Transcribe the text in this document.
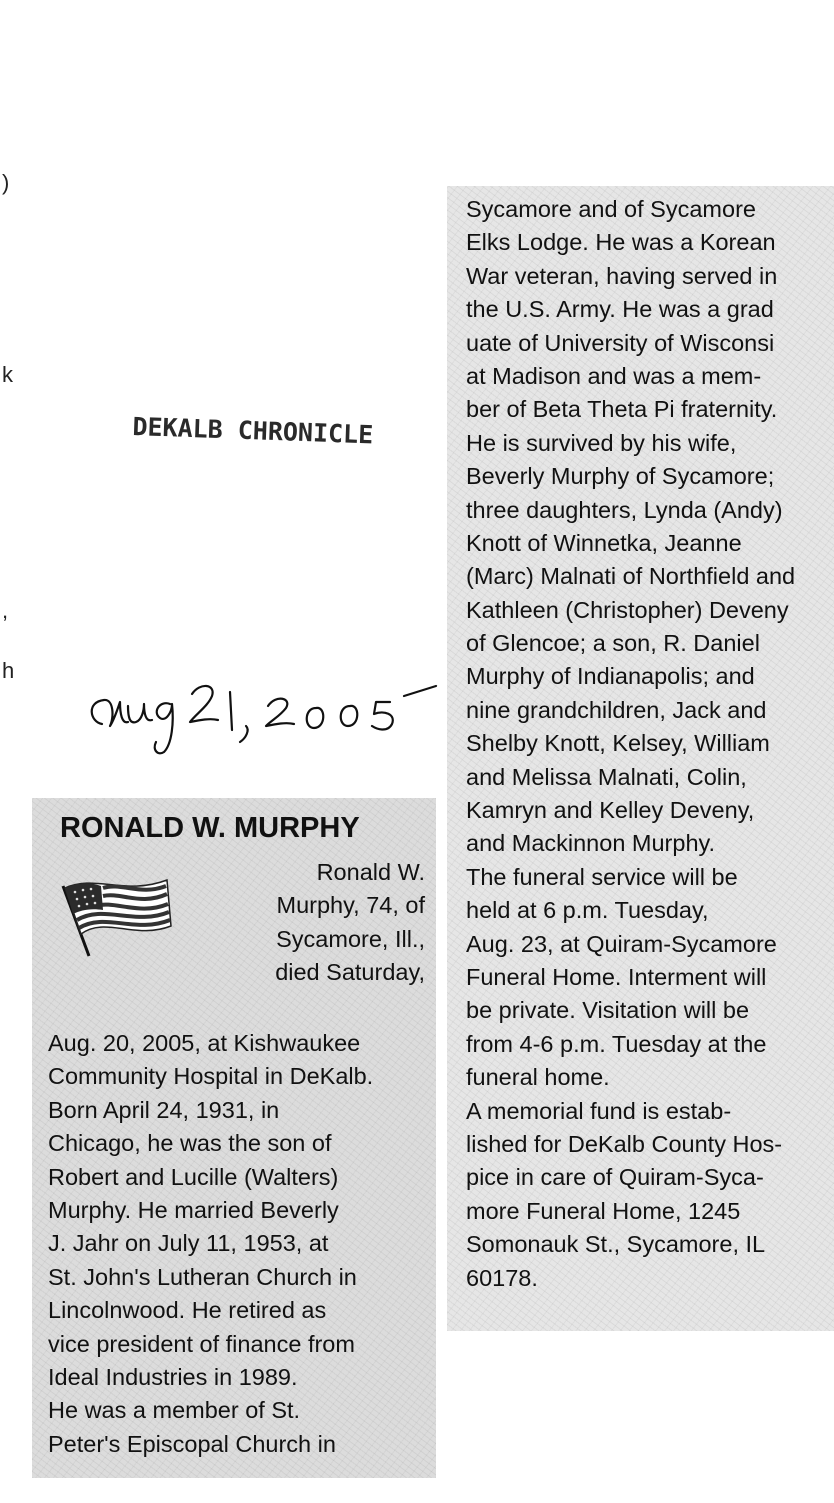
)
k
,
h
DEKALB CHRONICLE
RONALD W. MURPHY
Ronald W.
Murphy, 74, of
Sycamore, Ill.,
died Saturday,
Aug. 20, 2005, at Kishwaukee
Community Hospital in DeKalb.
Born April 24, 1931, in
Chicago, he was the son of
Robert and Lucille (Walters)
Murphy. He married Beverly
J. Jahr on July 11, 1953, at
St. John's Lutheran Church in
Lincolnwood. He retired as
vice president of finance from
Ideal Industries in 1989.
He was a member of St.
Peter's Episcopal Church in
Sycamore and of Sycamore
Elks Lodge. He was a Korean
War veteran, having served in
the U.S. Army. He was a grad
uate of University of Wisconsi
at Madison and was a mem-
ber of Beta Theta Pi fraternity.
He is survived by his wife,
Beverly Murphy of Sycamore;
three daughters, Lynda (Andy)
Knott of Winnetka, Jeanne
(Marc) Malnati of Northfield and
Kathleen (Christopher) Deveny
of Glencoe; a son, R. Daniel
Murphy of Indianapolis; and
nine grandchildren, Jack and
Shelby Knott, Kelsey, William
and Melissa Malnati, Colin,
Kamryn and Kelley Deveny,
and Mackinnon Murphy.
The funeral service will be
held at 6 p.m. Tuesday,
Aug. 23, at Quiram-Sycamore
Funeral Home. Interment will
be private. Visitation will be
from 4-6 p.m. Tuesday at the
funeral home.
A memorial fund is estab-
lished for DeKalb County Hos-
pice in care of Quiram-Syca-
more Funeral Home, 1245
Somonauk St., Sycamore, IL
60178.
